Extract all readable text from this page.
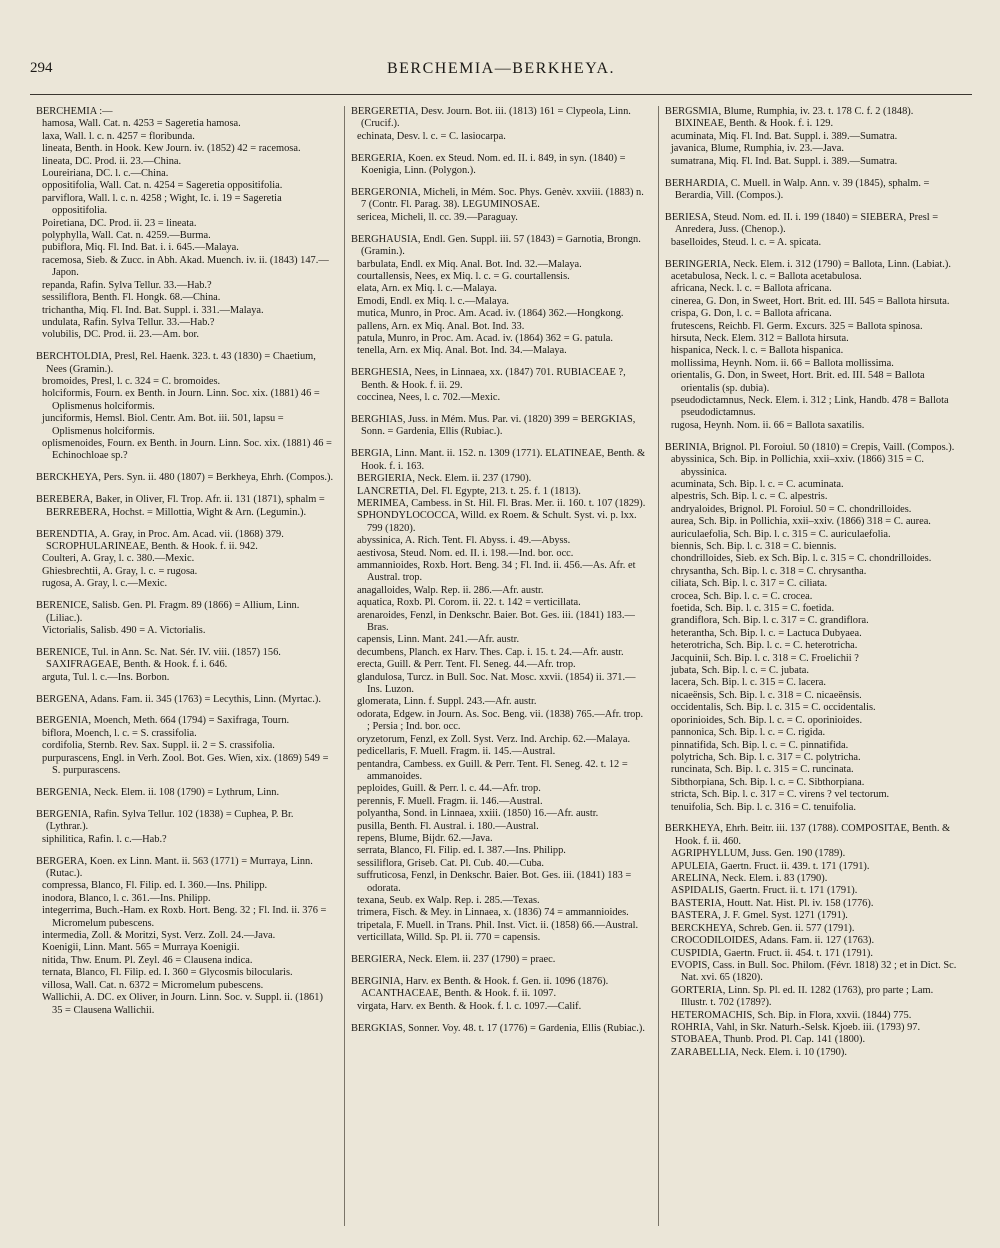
294	BERCHEMIA—BERKHEYA.
BERCHEMIA :—
hamosa, Wall. Cat. n. 4253 = Sageretia hamosa.
laxa, Wall. l. c. n. 4257 = floribunda.
lineata, Benth. in Hook. Kew Journ. iv. (1852) 42 = racemosa.
lineata, DC. Prod. ii. 23.—China.
Loureiriana, DC. l. c.—China.
oppositifolia, Wall. Cat. n. 4254 = Sageretia oppositifolia.
parviflora, Wall. l. c. n. 4258 ; Wight, Ic. i. 19 = Sageretia oppositifolia.
Poiretiana, DC. Prod. ii. 23 = lineata.
polyphylla, Wall. Cat. n. 4259.—Burma.
pubiflora, Miq. Fl. Ind. Bat. i. i. 645.—Malaya.
racemosa, Sieb. & Zucc. in Abh. Akad. Muench. iv. ii. (1843) 147.—Japon.
repanda, Rafin. Sylva Tellur. 33.—Hab.?
sessiliflora, Benth. Fl. Hongk. 68.—China.
trichantha, Miq. Fl. Ind. Bat. Suppl. i. 331.—Malaya.
undulata, Rafin. Sylva Tellur. 33.—Hab.?
volubilis, DC. Prod. ii. 23.—Am. bor.
BERCHTOLDIA, Presl, Rel. Haenk. 323. t. 43 (1830) = Chaetium, Nees (Gramin.).
bromoides, Presl, l. c. 324 = C. bromoides.
holciformis, Fourn. ex Benth. in Journ. Linn. Soc. xix. (1881) 46 = Oplismenus holciformis.
junciformis, Hemsl. Biol. Centr. Am. Bot. iii. 501, lapsu = Oplismenus holciformis.
oplismenoides, Fourn. ex Benth. in Journ. Linn. Soc. xix. (1881) 46 = Echinochloae sp.?
BERCKHEYA, Pers. Syn. ii. 480 (1807) = Berkheya, Ehrh. (Compos.).
BEREBERA, Baker, in Oliver, Fl. Trop. Afr. ii. 131 (1871), sphalm = BERREBERA, Hochst. = Millottia, Wight & Arn. (Legumin.).
BERENDTIA, A. Gray, in Proc. Am. Acad. vii. (1868) 379. SCROPHULARINEAE, Benth. & Hook. f. ii. 942.
Coulteri, A. Gray, l. c. 380.—Mexic.
Ghiesbrechtii, A. Gray, l. c. = rugosa.
rugosa, A. Gray, l. c.—Mexic.
BERENICE, Salisb. Gen. Pl. Fragm. 89 (1866) = Allium, Linn. (Liliac.).
Victorialis, Salisb. 490 = A. Victorialis.
BERENICE, Tul. in Ann. Sc. Nat. Sér. IV. viii. (1857) 156. SAXIFRAGEAE, Benth. & Hook. f. i. 646.
arguta, Tul. l. c.—Ins. Borbon.
BERGENA, Adans. Fam. ii. 345 (1763) = Lecythis, Linn. (Myrtac.).
BERGENIA, Moench, Meth. 664 (1794) = Saxifraga, Tourn.
biflora, Moench, l. c. = S. crassifolia.
cordifolia, Sternb. Rev. Sax. Suppl. ii. 2 = S. crassifolia.
purpurascens, Engl. in Verh. Zool. Bot. Ges. Wien, xix. (1869) 549 = S. purpurascens.
BERGENIA, Neck. Elem. ii. 108 (1790) = Lythrum, Linn.
BERGENIA, Rafin. Sylva Tellur. 102 (1838) = Cuphea, P. Br. (Lythrar.).
siphilitica, Rafin. l. c.—Hab.?
BERGERA, Koen. ex Linn. Mant. ii. 563 (1771) = Murraya, Linn. (Rutac.).
compressa, Blanco, Fl. Filip. ed. I. 360.—Ins. Philipp.
inodora, Blanco, l. c. 361.—Ins. Philipp.
integerrima, Buch.-Ham. ex Roxb. Hort. Beng. 32 ; Fl. Ind. ii. 376 = Micromelum pubescens.
intermedia, Zoll. & Moritzi, Syst. Verz. Zoll. 24.—Java.
Koenigii, Linn. Mant. 565 = Murraya Koenigii.
nitida, Thw. Enum. Pl. Zeyl. 46 = Clausena indica.
ternata, Blanco, Fl. Filip. ed. I. 360 = Glycosmis bilocularis.
villosa, Wall. Cat. n. 6372 = Micromelum pubescens.
Wallichii, A. DC. ex Oliver, in Journ. Linn. Soc. v. Suppl. ii. (1861) 35 = Clausena Wallichii.
BERGERETIA, Desv. Journ. Bot. iii. (1813) 161 = Clypeola, Linn. (Crucif.).
echinata, Desv. l. c. = C. lasiocarpa.
BERGERIA, Koen. ex Steud. Nom. ed. II. i. 849, in syn. (1840) = Koenigia, Linn. (Polygon.).
BERGERONIA, Micheli, in Mém. Soc. Phys. Genèv. xxviii. (1883) n. 7 (Contr. Fl. Parag. 38). LEGUMINOSAE.
sericea, Micheli, ll. cc. 39.—Paraguay.
BERGHAUSIA, Endl. Gen. Suppl. iii. 57 (1843) = Garnotia, Brongn. (Gramin.).
barbulata, Endl. ex Miq. Anal. Bot. Ind. 32.—Malaya.
courtallensis, Nees, ex Miq. l. c. = G. courtallensis.
elata, Arn. ex Miq. l. c.—Malaya.
Emodi, Endl. ex Miq. l. c.—Malaya.
mutica, Munro, in Proc. Am. Acad. iv. (1864) 362.—Hongkong.
pallens, Arn. ex Miq. Anal. Bot. Ind. 33.
patula, Munro, in Proc. Am. Acad. iv. (1864) 362 = G. patula.
tenella, Arn. ex Miq. Anal. Bot. Ind. 34.—Malaya.
BERGHESIA, Nees, in Linnaea, xx. (1847) 701. RUBIACEAE ?, Benth. & Hook. f. ii. 29.
coccinea, Nees, l. c. 702.—Mexic.
BERGHIAS, Juss. in Mém. Mus. Par. vi. (1820) 399 = BERGKIAS, Sonn. = Gardenia, Ellis (Rubiac.).
BERGIA, Linn. Mant. ii. 152. n. 1309 (1771). ELATINEAE, Benth. & Hook. f. i. 163.
BERGIERIA, Neck. Elem. ii. 237 (1790).
LANCRETIA, Del. Fl. Egypte, 213. t. 25. f. 1 (1813).
MERIMEA, Cambess. in St. Hil. Fl. Bras. Mer. ii. 160. t. 107 (1829).
SPHONDYLOCOCCA, Willd. ex Roem. & Schult. Syst. vi. p. lxx. 799 (1820).
abyssinica, A. Rich. Tent. Fl. Abyss. i. 49.—Abyss.
aestivosa, Steud. Nom. ed. II. i. 198.—Ind. bor. occ.
ammannioides, Roxb. Hort. Beng. 34 ; Fl. Ind. ii. 456.—As. Afr. et Austral. trop.
anagalloides, Walp. Rep. ii. 286.—Afr. austr.
aquatica, Roxb. Pl. Corom. ii. 22. t. 142 = verticillata.
arenaroides, Fenzl, in Denkschr. Baier. Bot. Ges. iii. (1841) 183.—Bras.
capensis, Linn. Mant. 241.—Afr. austr.
decumbens, Planch. ex Harv. Thes. Cap. i. 15. t. 24.—Afr. austr.
erecta, Guill. & Perr. Tent. Fl. Seneg. 44.—Afr. trop.
glandulosa, Turcz. in Bull. Soc. Nat. Mosc. xxvii. (1854) ii. 371.—Ins. Luzon.
glomerata, Linn. f. Suppl. 243.—Afr. austr.
odorata, Edgew. in Journ. As. Soc. Beng. vii. (1838) 765.—Afr. trop. ; Persia ; Ind. bor. occ.
oryzetorum, Fenzl, ex Zoll. Syst. Verz. Ind. Archip. 62.—Malaya.
pedicellaris, F. Muell. Fragm. ii. 145.—Austral.
pentandra, Cambess. ex Guill. & Perr. Tent. Fl. Seneg. 42. t. 12 = ammanoides.
peploides, Guill. & Perr. l. c. 44.—Afr. trop.
perennis, F. Muell. Fragm. ii. 146.—Austral.
polyantha, Sond. in Linnaea, xxiii. (1850) 16.—Afr. austr.
pusilla, Benth. Fl. Austral. i. 180.—Austral.
repens, Blume, Bijdr. 62.—Java.
serrata, Blanco, Fl. Filip. ed. I. 387.—Ins. Philipp.
sessiliflora, Griseb. Cat. Pl. Cub. 40.—Cuba.
suffruticosa, Fenzl, in Denkschr. Baier. Bot. Ges. iii. (1841) 183 = odorata.
texana, Seub. ex Walp. Rep. i. 285.—Texas.
trimera, Fisch. & Mey. in Linnaea, x. (1836) 74 = ammannioides.
tripetala, F. Muell. in Trans. Phil. Inst. Vict. ii. (1858) 66.—Austral.
verticillata, Willd. Sp. Pl. ii. 770 = capensis.
BERGIERA, Neck. Elem. ii. 237 (1790) = praec.
BERGINIA, Harv. ex Benth. & Hook. f. Gen. ii. 1096 (1876). ACANTHACEAE, Benth. & Hook. f. ii. 1097.
virgata, Harv. ex Benth. & Hook. f. l. c. 1097.—Calif.
BERGKIAS, Sonner. Voy. 48. t. 17 (1776) = Gardenia, Ellis (Rubiac.).
BERGSMIA, Blume, Rumphia, iv. 23. t. 178 C. f. 2 (1848). BIXINEAE, Benth. & Hook. f. i. 129.
acuminata, Miq. Fl. Ind. Bat. Suppl. i. 389.—Sumatra.
javanica, Blume, Rumphia, iv. 23.—Java.
sumatrana, Miq. Fl. Ind. Bat. Suppl. i. 389.—Sumatra.
BERHARDIA, C. Muell. in Walp. Ann. v. 39 (1845), sphalm. = Berardia, Vill. (Compos.).
BERIESA, Steud. Nom. ed. II. i. 199 (1840) = SIEBERA, Presl = Anredera, Juss. (Chenop.).
baselloides, Steud. l. c. = A. spicata.
BERINGERIA, Neck. Elem. i. 312 (1790) = Ballota, Linn. (Labiat.).
acetabulosa, Neck. l. c. = Ballota acetabulosa.
africana, Neck. l. c. = Ballota africana.
cinerea, G. Don, in Sweet, Hort. Brit. ed. III. 545 = Ballota hirsuta.
crispa, G. Don, l. c. = Ballota africana.
frutescens, Reichb. Fl. Germ. Excurs. 325 = Ballota spinosa.
hirsuta, Neck. Elem. 312 = Ballota hirsuta.
hispanica, Neck. l. c. = Ballota hispanica.
mollissima, Heynh. Nom. ii. 66 = Ballota mollissima.
orientalis, G. Don, in Sweet, Hort. Brit. ed. III. 548 = Ballota orientalis (sp. dubia).
pseudodictamnus, Neck. Elem. i. 312 ; Link, Handb. 478 = Ballota pseudodictamnus.
rugosa, Heynh. Nom. ii. 66 = Ballota saxatilis.
BERINIA, Brignol. Pl. Foroiul. 50 (1810) = Crepis, Vaill. (Compos.).
abyssinica, Sch. Bip. in Pollichia, xxii–xxiv. (1866) 315 = C. abyssinica.
acuminata, Sch. Bip. l. c. = C. acuminata.
alpestris, Sch. Bip. l. c. = C. alpestris.
andryaloides, Brignol. Pl. Foroiul. 50 = C. chondrilloides.
aurea, Sch. Bip. in Pollichia, xxii–xxiv. (1866) 318 = C. aurea.
auriculaefolia, Sch. Bip. l. c. 315 = C. auriculaefolia.
biennis, Sch. Bip. l. c. 318 = C. biennis.
chondrilloides, Sieb. ex Sch. Bip. l. c. 315 = C. chondrilloides.
chrysantha, Sch. Bip. l. c. 318 = C. chrysantha.
ciliata, Sch. Bip. l. c. 317 = C. ciliata.
crocea, Sch. Bip. l. c. = C. crocea.
foetida, Sch. Bip. l. c. 315 = C. foetida.
grandiflora, Sch. Bip. l. c. 317 = C. grandiflora.
heterantha, Sch. Bip. l. c. = Lactuca Dubyaea.
heterotricha, Sch. Bip. l. c. = C. heterotricha.
Jacquinii, Sch. Bip. l. c. 318 = C. Froelichii ?
jubata, Sch. Bip. l. c. = C. jubata.
lacera, Sch. Bip. l. c. 315 = C. lacera.
nicaeënsis, Sch. Bip. l. c. 318 = C. nicaeënsis.
occidentalis, Sch. Bip. l. c. 315 = C. occidentalis.
oporinioides, Sch. Bip. l. c. = C. oporinioides.
pannonica, Sch. Bip. l. c. = C. rigida.
pinnatifida, Sch. Bip. l. c. = C. pinnatifida.
polytricha, Sch. Bip. l. c. 317 = C. polytricha.
runcinata, Sch. Bip. l. c. 315 = C. runcinata.
Sibthorpiana, Sch. Bip. l. c. = C. Sibthorpiana.
stricta, Sch. Bip. l. c. 317 = C. virens ? vel tectorum.
tenuifolia, Sch. Bip. l. c. 316 = C. tenuifolia.
BERKHEYA, Ehrh. Beitr. iii. 137 (1788). COMPOSITAE, Benth. & Hook. f. ii. 460.
AGRIPHYLLUM, Juss. Gen. 190 (1789).
APULEIA, Gaertn. Fruct. ii. 439. t. 171 (1791).
ARELINA, Neck. Elem. i. 83 (1790).
ASPIDALIS, Gaertn. Fruct. ii. t. 171 (1791).
BASTERIA, Houtt. Nat. Hist. Pl. iv. 158 (1776).
BASTERA, J. F. Gmel. Syst. 1271 (1791).
BERCKHEYA, Schreb. Gen. ii. 577 (1791).
CROCODILOIDES, Adans. Fam. ii. 127 (1763).
CUSPIDIA, Gaertn. Fruct. ii. 454. t. 171 (1791).
EVOPIS, Cass. in Bull. Soc. Philom. (Févr. 1818) 32 ; et in Dict. Sc. Nat. xvi. 65 (1820).
GORTERIA, Linn. Sp. Pl. ed. II. 1282 (1763), pro parte ; Lam. Illustr. t. 702 (1789?).
HETEROMACHIS, Sch. Bip. in Flora, xxvii. (1844) 775.
ROHRIA, Vahl, in Skr. Naturh.-Selsk. Kjoeb. iii. (1793) 97.
STOBAEA, Thunb. Prod. Pl. Cap. 141 (1800).
ZARABELLIA, Neck. Elem. i. 10 (1790).
